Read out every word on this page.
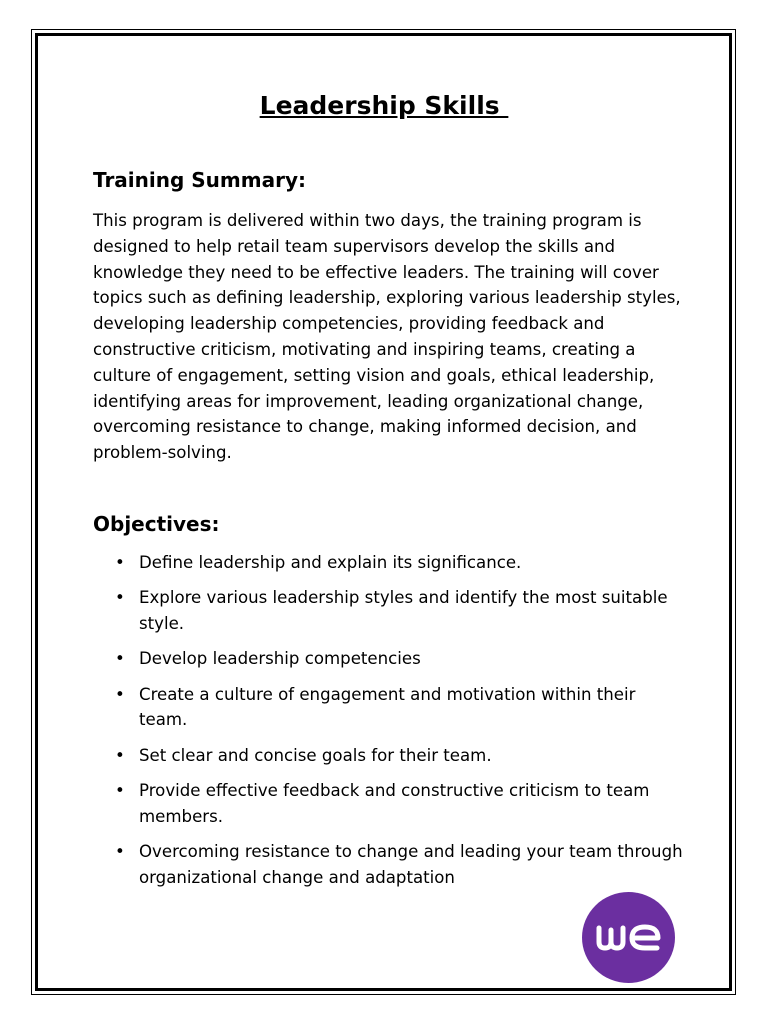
Leadership Skills
Training Summary:

This program is delivered within two days, the training program is designed to help retail team supervisors develop the skills and knowledge they need to be effective leaders. The training will cover topics such as defining leadership, exploring various leadership styles, developing leadership competencies, providing feedback and constructive criticism, motivating and inspiring teams, creating a culture of engagement, setting vision and goals, ethical leadership, identifying areas for improvement, leading organizational change, overcoming resistance to change, making informed decision, and problem-solving.

Objectives:
• Define leadership and explain its significance.
• Explore various leadership styles and identify the most suitable style.
• Develop leadership competencies
• Create a culture of engagement and motivation within their team.
• Set clear and concise goals for their team.
• Provide effective feedback and constructive criticism to team members.
• Overcoming resistance to change and leading your team through organizational change and adaptation
